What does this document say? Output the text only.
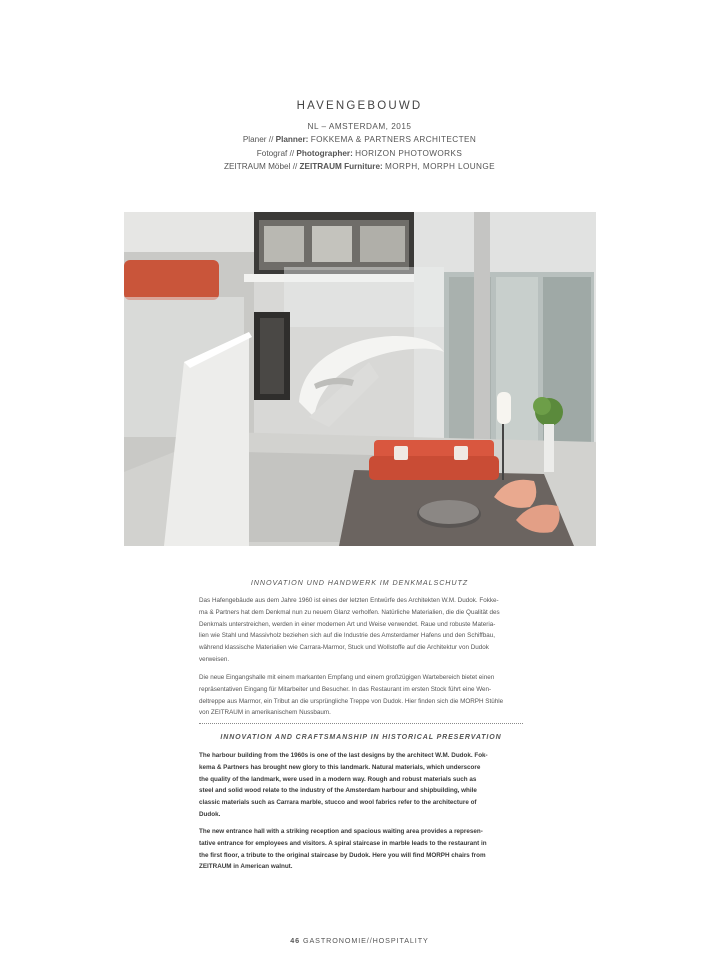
HAVENGEBOUWD
NL – AMSTERDAM, 2015
Planer // Planner: FOKKEMA & PARTNERS ARCHITECTEN
Fotograf // Photographer: HORIZON PHOTOWORKS
ZEITRAUM Möbel // ZEITRAUM Furniture: MORPH, MORPH LOUNGE
INNOVATION UND HANDWERK IM DENKMALSCHUTZ

Das Hafengebäude aus dem Jahre 1960 ist eines der letzten Entwürfe des Architekten W.M. Dudok. Fokke-

ma & Partners hat dem Denkmal nun zu neuem Glanz verholfen. Natürliche Materialien, die die Qualität des

Denkmals unterstreichen, werden in einer modernen Art und Weise verwendet. Raue und robuste Materia-

lien wie Stahl und Massivholz beziehen sich auf die Industrie des Amsterdamer Hafens und den Schiffbau,

während klassische Materialien wie Carrara-Marmor, Stuck und Wollstoffe auf die Architektur von Dudok

verweisen.

Die neue Eingangshalle mit einem markanten Empfang und einem großzügigen Wartebereich bietet einen

repräsentativen Eingang für Mitarbeiter und Besucher. In das Restaurant im ersten Stock führt eine Wen-

deltreppe aus Marmor, ein Tribut an die ursprüngliche Treppe von Dudok. Hier finden sich die MORPH Stühle

von ZEITRAUM in amerikanischem Nussbaum.

INNOVATION AND CRAFTSMANSHIP IN HISTORICAL PRESERVATION

The harbour building from the 1960s is one of the last designs by the architect W.M. Dudok. Fok-

kema & Partners has brought new glory to this landmark. Natural materials, which underscore

the quality of the landmark, were used in a modern way. Rough and robust materials such as

steel and solid wood relate to the industry of the Amsterdam harbour and shipbuilding, while

classic materials such as Carrara marble, stucco and wool fabrics refer to the architecture of

Dudok.

The new entrance hall with a striking reception and spacious waiting area provides a represen-

tative entrance for employees and visitors. A spiral staircase in marble leads to the restaurant in

the first floor, a tribute to the original staircase by Dudok. Here you will find MORPH chairs from

ZEITRAUM in American walnut.

46 GASTRONOMIE//HOSPITALITY
